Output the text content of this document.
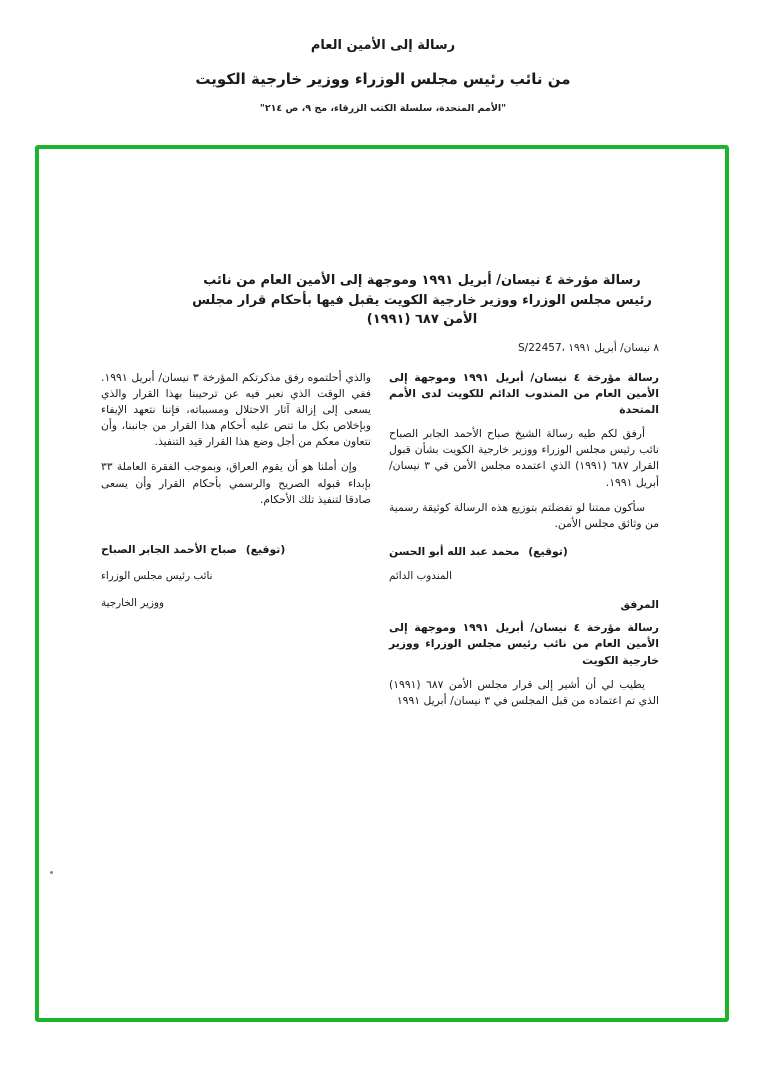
رسالة إلى الأمين العام
من نائب رئيس مجلس الوزراء ووزير خارجية الكويت
"الأمم المتحدة، سلسلة الكتب الزرقاء، مج ٩، ص ٢١٤"
رسالة مؤرخة ٤ نيسان/ أبريل ١٩٩١ وموجهة إلى الأمين العام من نائب رئيس مجلس الوزراء ووزير خارجية الكويت يقبل فيها بأحكام قرار مجلس الأمن ٦٨٧ (١٩٩١)
S/22457، ٨ نيسان/ أبريل ١٩٩١

رسالة مؤرخة ٤ نيسان/ أبريل ١٩٩١ وموجهة إلى الأمين العام من المندوب الدائم للكويت لدى الأمم المتحدة

أرفق لكم طيه رسالة الشيخ صباح الأحمد الجابر الصباح نائب رئيس مجلس الوزراء ووزير خارجية الكويت بشأن قبول القرار ٦٨٧ (١٩٩١) الذي اعتمده مجلس الأمن في ٣ نيسان/ أبريل ١٩٩١.

سأكون ممتنا لو تفضلتم بتوزيع هذه الرسالة كوثيقة رسمية من وثائق مجلس الأمن.

(توقيع) محمد عبد الله أبو الحسن
المندوب الدائم

المرفق

رسالة مؤرخة ٤ نيسان/ أبريل ١٩٩١ وموجهة إلى الأمين العام من نائب رئيس مجلس الوزراء ووزير خارجية الكويت

يطيب لي أن أشير إلى قرار مجلس الأمن ٦٨٧ (١٩٩١) الذي تم اعتماده من قبل المجلس في ٣ نيسان/ أبريل ١٩٩١

والذي أحلتموه رفق مذكرتكم المؤرخة ٣ نيسان/ أبريل ١٩٩١. ففي الوقت الذي نعبر فيه عن ترحيبنا بهذا القرار والذي يسعى إلى إزالة آثار الاحتلال ومسبباته، فإننا نتعهد الإيفاء وبإخلاص بكل ما تنص عليه أحكام هذا القرار من جانبنا، وأن نتعاون معكم من أجل وضع هذا القرار قيد التنفيذ.

وإن أملنا هو أن يقوم العراق، وبموجب الفقرة العاملة ٣٣ بإبداء قبوله الصريح والرسمي بأحكام القرار وأن يسعى صادقا لتنفيذ تلك الأحكام.

(توقيع) صباح الأحمد الجابر الصباح
نائب رئيس مجلس الوزراء
ووزير الخارجية
